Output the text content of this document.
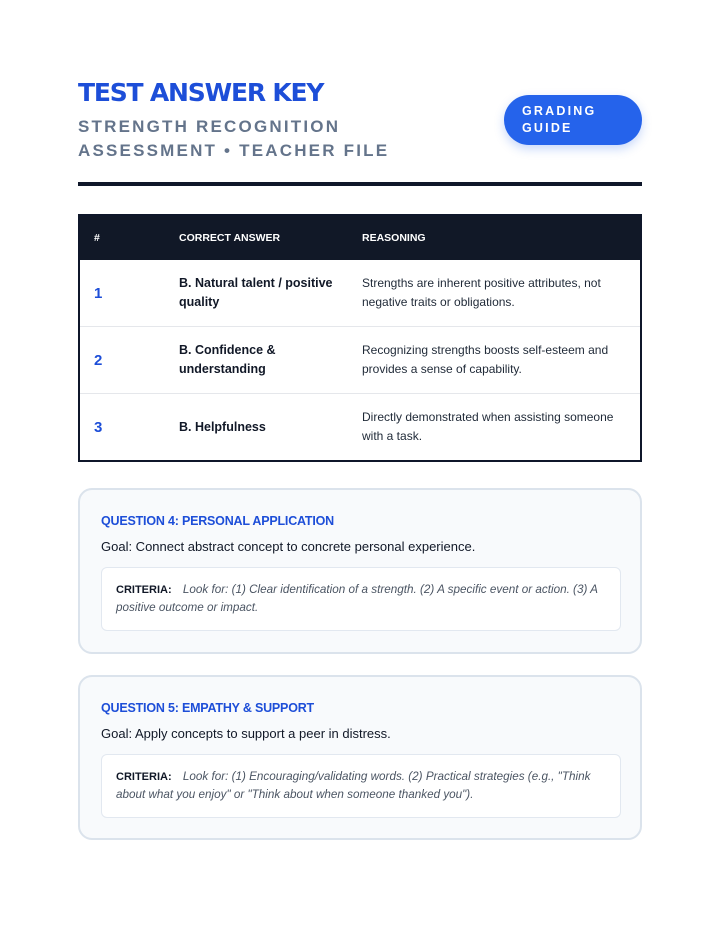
TEST ANSWER KEY

STRENGTH RECOGNITION ASSESSMENT • TEACHER FILE

GRADING GUIDE
#	CORRECT ANSWER	REASONING
1	B. Natural talent / positive quality	Strengths are inherent positive attributes, not negative traits or obligations.
2	B. Confidence & understanding	Recognizing strengths boosts self-esteem and provides a sense of capability.
3	B. Helpfulness	Directly demonstrated when assisting someone with a task.
QUESTION 4: PERSONAL APPLICATION

Goal: Connect abstract concept to concrete personal experience.

CRITERIA: Look for: (1) Clear identification of a strength. (2) A specific event or action. (3) A positive outcome or impact.
QUESTION 5: EMPATHY & SUPPORT

Goal: Apply concepts to support a peer in distress.

CRITERIA: Look for: (1) Encouraging/validating words. (2) Practical strategies (e.g., "Think about what you enjoy" or "Think about when someone thanked you").
